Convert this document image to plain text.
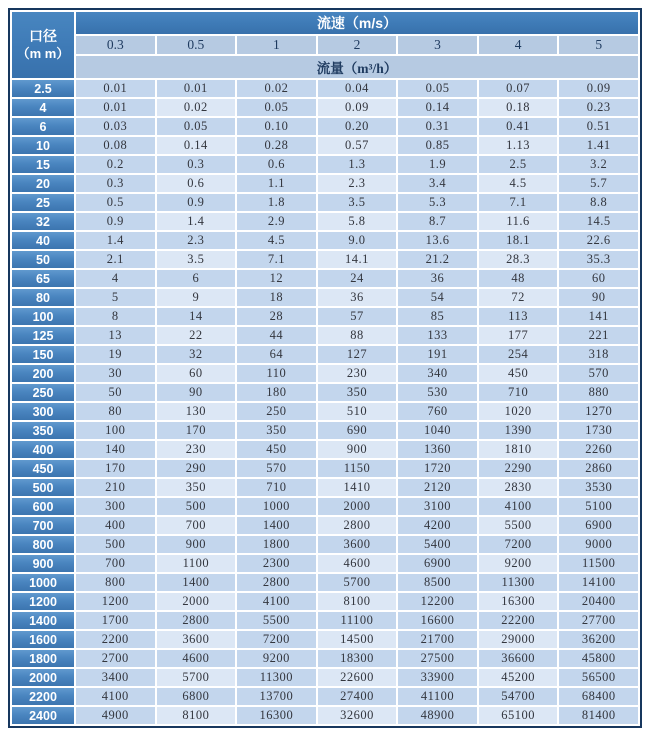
口径
（m m）	流速（m/s）						
	0.3	0.5	1	2	3	4	5
	流量（m³/h）						
2.5	0.01	0.01	0.02	0.04	0.05	0.07	0.09
4	0.01	0.02	0.05	0.09	0.14	0.18	0.23
6	0.03	0.05	0.10	0.20	0.31	0.41	0.51
10	0.08	0.14	0.28	0.57	0.85	1.13	1.41
15	0.2	0.3	0.6	1.3	1.9	2.5	3.2
20	0.3	0.6	1.1	2.3	3.4	4.5	5.7
25	0.5	0.9	1.8	3.5	5.3	7.1	8.8
32	0.9	1.4	2.9	5.8	8.7	11.6	14.5
40	1.4	2.3	4.5	9.0	13.6	18.1	22.6
50	2.1	3.5	7.1	14.1	21.2	28.3	35.3
65	4	6	12	24	36	48	60
80	5	9	18	36	54	72	90
100	8	14	28	57	85	113	141
125	13	22	44	88	133	177	221
150	19	32	64	127	191	254	318
200	30	60	110	230	340	450	570
250	50	90	180	350	530	710	880
300	80	130	250	510	760	1020	1270
350	100	170	350	690	1040	1390	1730
400	140	230	450	900	1360	1810	2260
450	170	290	570	1150	1720	2290	2860
500	210	350	710	1410	2120	2830	3530
600	300	500	1000	2000	3100	4100	5100
700	400	700	1400	2800	4200	5500	6900
800	500	900	1800	3600	5400	7200	9000
900	700	1100	2300	4600	6900	9200	11500
1000	800	1400	2800	5700	8500	11300	14100
1200	1200	2000	4100	8100	12200	16300	20400
1400	1700	2800	5500	11100	16600	22200	27700
1600	2200	3600	7200	14500	21700	29000	36200
1800	2700	4600	9200	18300	27500	36600	45800
2000	3400	5700	11300	22600	33900	45200	56500
2200	4100	6800	13700	27400	41100	54700	68400
2400	4900	8100	16300	32600	48900	65100	81400
